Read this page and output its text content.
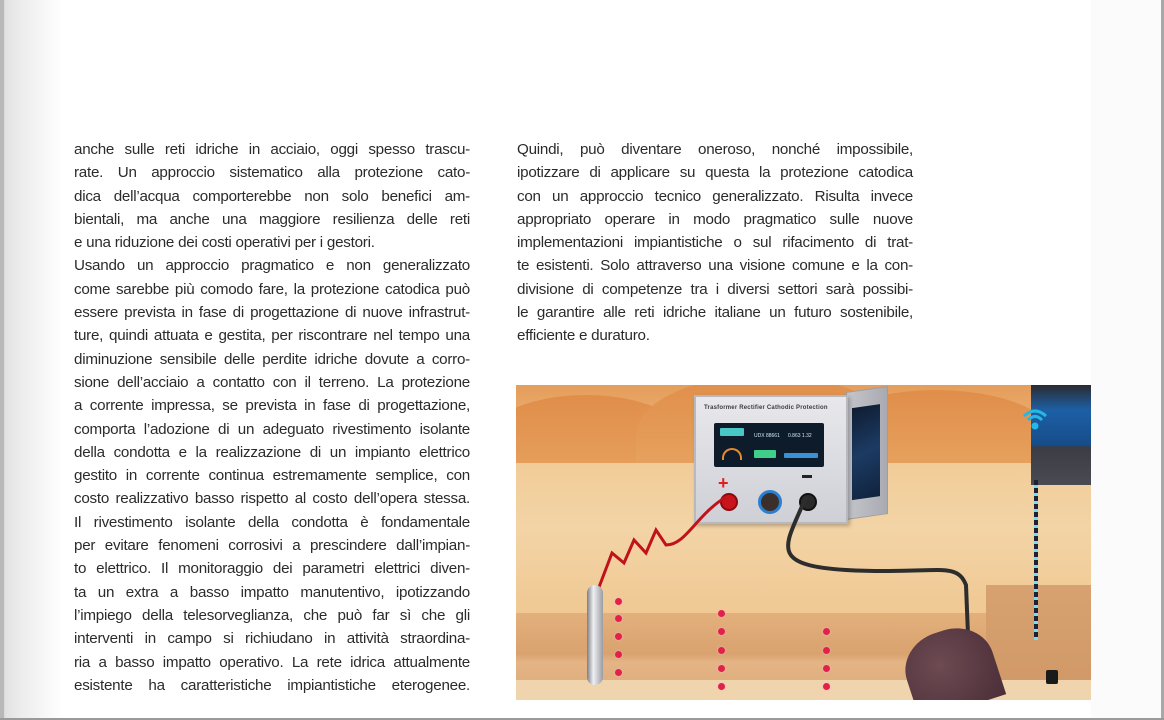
anche sulle reti idriche in acciaio, oggi spesso trascu-
rate. Un approccio sistematico alla protezione cato-
dica dell’acqua comporterebbe non solo benefici am-
bientali, ma anche una maggiore resilienza delle reti
e una riduzione dei costi operativi per i gestori.
Usando un approccio pragmatico e non generalizzato
come sarebbe più comodo fare, la protezione catodica può
essere prevista in fase di progettazione di nuove infrastrut-
ture, quindi attuata e gestita, per riscontrare nel tempo una
diminuzione sensibile delle perdite idriche dovute a corro-
sione dell’acciaio a contatto con il terreno. La protezione
a corrente impressa, se prevista in fase di progettazione,
comporta l’adozione di un adeguato rivestimento isolante
della condotta e la realizzazione di un impianto elettrico
gestito in corrente continua estremamente semplice, con
costo realizzativo basso rispetto al costo dell’opera stessa.
Il rivestimento isolante della condotta è fondamentale
per evitare fenomeni corrosivi a prescindere dall’impian-
to elettrico. Il monitoraggio dei parametri elettrici diven-
ta un extra a basso impatto manutentivo, ipotizzando
l’impiego della telesorveglianza, che può far sì che gli
interventi in campo si richiudano in attività straordina-
ria a basso impatto operativo. La rete idrica attualmente
esistente ha caratteristiche impiantistiche eterogenee.
Quindi, può diventare oneroso, nonché impossibile,
ipotizzare di applicare su questa la protezione catodica
con un approccio tecnico generalizzato. Risulta invece
appropriato operare in modo pragmatico sulle nuove
implementazioni impiantistiche o sul rifacimento di trat-
te esistenti. Solo attraverso una visione comune e la con-
divisione di competenze tra i diversi settori sarà possibi-
le garantire alle reti idriche italiane un futuro sostenibile,
efficiente e duraturo.
Trasformer Rectifier Cathodic Protection
UDX 88661 0.863 1.32
+
